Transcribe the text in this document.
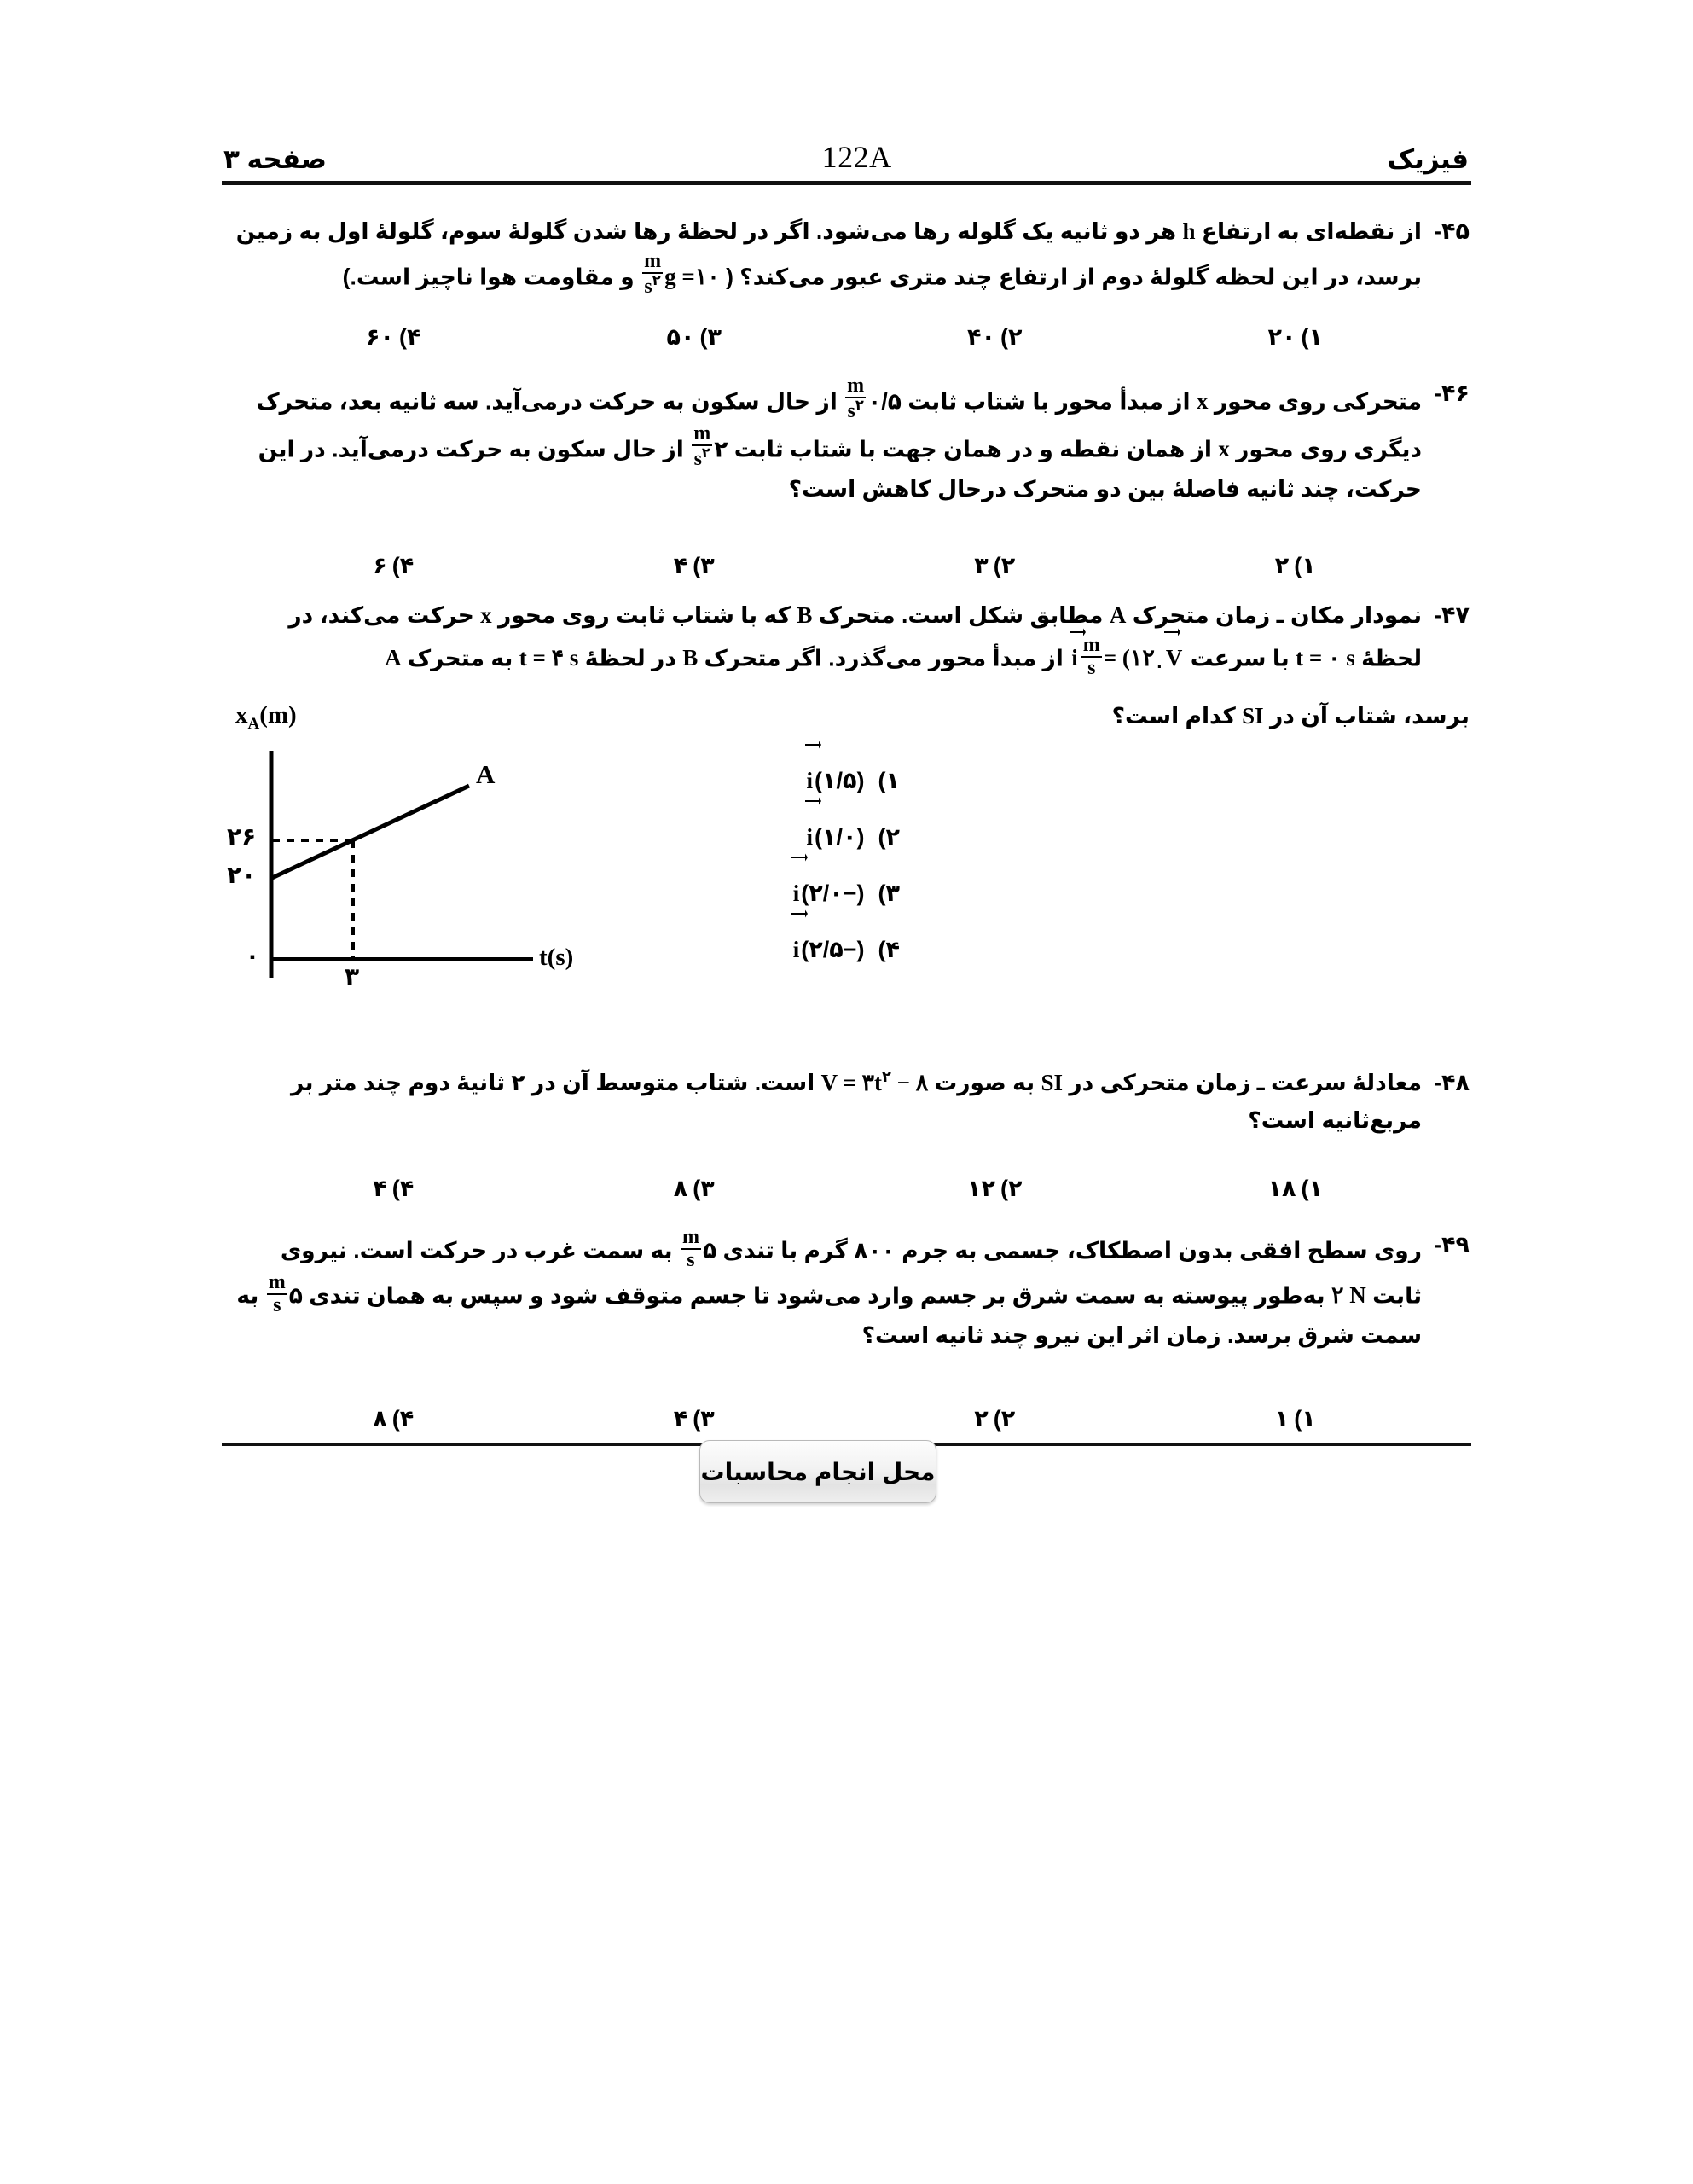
فیزیک
122A
صفحه ۳
۴۵-
از نقطه‌ای به ارتفاع h هر دو ثانیه یک گلوله رها می‌شود. اگر در لحظهٔ رها شدن گلولهٔ سوم، گلولهٔ اول به زمین
برسد، در این لحظه گلولهٔ دوم از ارتفاع چند متری عبور می‌کند؟ ( g =۱۰
$\frac{m}{s^۲}$
و مقاومت هوا ناچیز است.)
۱)۲۰
۲)۴۰
۳)۵۰
۴)۶۰
۴۶-
متحرکی روی محور x از مبدأ محور با شتاب ثابت ۰/۵
$\frac{m}{s^۲}$
از حال سکون به حرکت درمی‌آید. سه ثانیه بعد، متحرک
دیگری روی محور x از همان نقطه و در همان جهت با شتاب ثابت ۲
$\frac{m}{s^۲}$
از حال سکون به حرکت درمی‌آید. در این
حرکت، چند ثانیه فاصلهٔ بین دو متحرک درحال کاهش است؟
۱)۲
۲)۳
۳)۴
۴)۶
۴۷-
نمودار مکان ـ زمان متحرک A مطابق شکل است. متحرک B که با شتاب ثابت روی محور x حرکت می‌کند، در
لحظهٔ t = ۰ s با سرعت
$V_۰=$ (۱۲
$\frac{m}{s}$
i از مبدأ محور می‌گذرد. اگر متحرک B در لحظهٔ t = ۴ s به متحرک A
برسد، شتاب آن در SI کدام است؟
$x_A(m)$
t(s)
A
۲۶
۲۰
۰
۳
۱)(۱/۵)
i
۲)(۱/۰)
i
۳)(−۲/۰)
i
۴)(−۲/۵)
i
۴۸-
معادلهٔ سرعت ـ زمان متحرکی در SI به صورت $V = ۳t^۲$ − ۸ است. شتاب متوسط آن در ۲ ثانیهٔ دوم چند متر بر
مربع‌ثانیه است؟
۱)۱۸
۲)۱۲
۳)۸
۴)۴
۴۹-
روی سطح افقی بدون اصطکاک، جسمی به جرم ۸۰۰ گرم با تندی ۵
$\frac{m}{s}$
به سمت غرب در حرکت است. نیروی
ثابت ۲ N به‌طور پیوسته به سمت شرق بر جسم وارد می‌شود تا جسم متوقف شود و سپس به همان تندی ۵
$\frac{m}{s}$
به
سمت شرق برسد. زمان اثر این نیرو چند ثانیه است؟
۱)۱
۲)۲
۳)۴
۴)۸
محل انجام محاسبات
